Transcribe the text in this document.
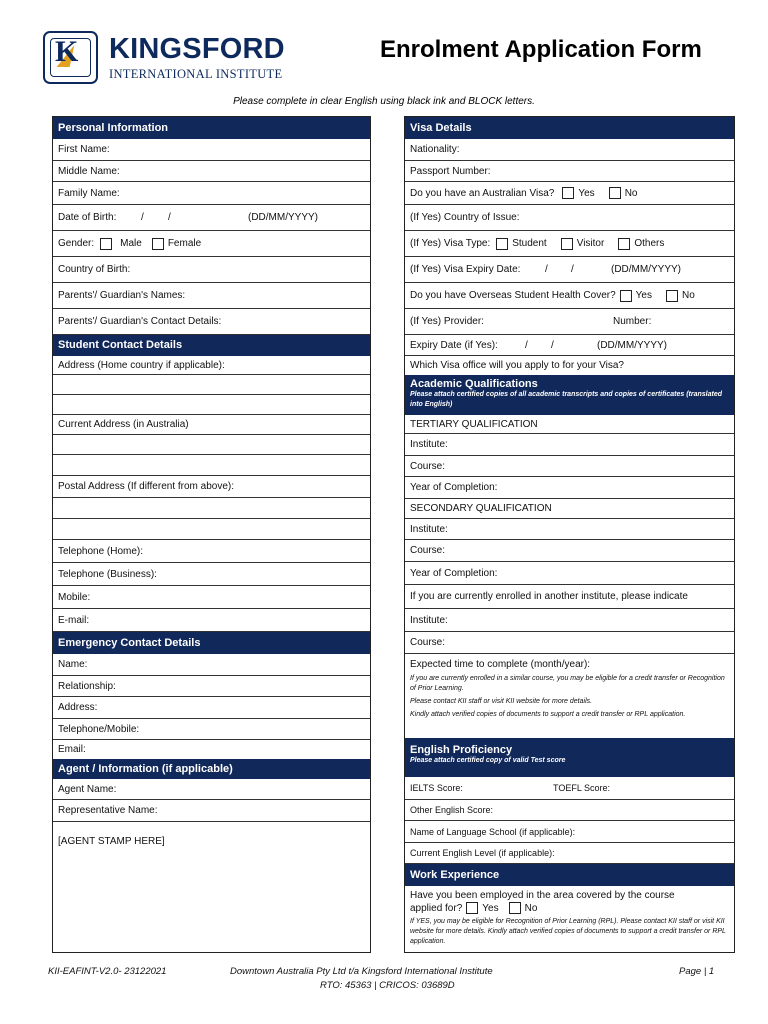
K KINGSFORD
INTERNATIONAL INSTITUTE
Enrolment Application Form
Please complete in clear English using black ink and BLOCK letters.
Personal Information
First Name:
Middle Name:
Family Name:
Date of Birth: / /	(DD/MM/YYYY)
Gender:	Male	Female
Country of Birth:
Parents'/ Guardian's Names:
Parents'/ Guardian's Contact Details:
Student Contact Details
Address (Home country if applicable):
Current Address (in Australia)
Postal Address (If different from above):
Telephone (Home):
Telephone (Business):
Mobile:
E-mail:
Emergency Contact Details
Name:
Relationship:
Address:
Telephone/Mobile:
Email:
Agent / Information (if applicable)
Agent Name:
Representative Name:
[AGENT STAMP HERE]
Visa Details
Nationality:
Passport Number:
Do you have an Australian Visa? Yes	No
(If Yes) Country of Issue:
(If Yes) Visa Type: Student	Visitor	Others
(If Yes) Visa Expiry Date: / /	(DD/MM/YYYY)
Do you have Overseas Student Health Cover? Yes	No
(If Yes) Provider:	Number:
Expiry Date (if Yes):	/ /	(DD/MM/YYYY)
Which Visa office will you apply to for your Visa?
Academic Qualifications
Please attach certified copies of all academic transcripts and copies of certificates (translated into English)
TERTIARY QUALIFICATION
Institute:
Course:
Year of Completion:
SECONDARY QUALIFICATION
Institute:
Course:
Year of Completion:
If you are currently enrolled in another institute, please indicate
Institute:
Course:
Expected time to complete (month/year):
If you are currently enrolled in a similar course, you may be eligible for a credit transfer or Recognition of Prior Learning.
Please contact KII staff or visit KII website for more details.
Kindly attach verified copies of documents to support a credit transfer or RPL application.
English Proficiency
Please attach certified copy of valid Test score
IELTS Score:	TOEFL Score:
Other English Score:
Name of Language School (if applicable):
Current English Level (if applicable):
Work Experience
Have you been employed in the area covered by the course
applied for? Yes	No
If YES, you may be eligible for Recognition of Prior Learning (RPL). Please contact KII staff or visit KII website for more details. Kindly attach verified copies of documents to support a credit transfer or RPL application.
KII-EAFINT-V2.0- 23122021	Downtown Australia Pty Ltd t/a Kingsford International Institute
RTO: 45363 | CRICOS: 03689D
Page | 1
